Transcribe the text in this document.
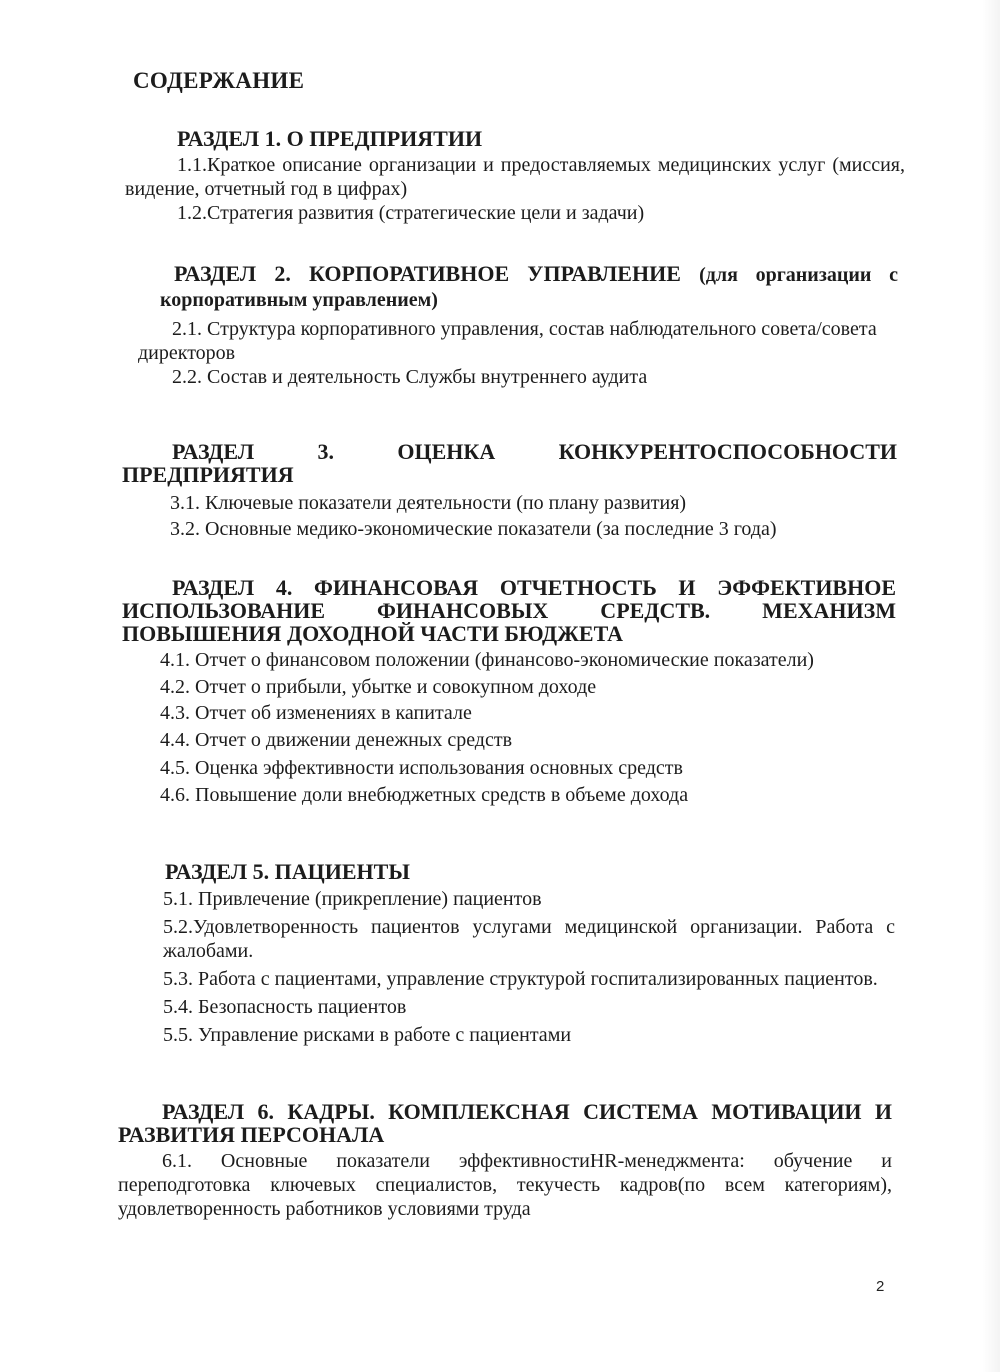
СОДЕРЖАНИЕ
РАЗДЕЛ 1. О ПРЕДПРИЯТИИ

1.1.Краткое описание организации и предоставляемых медицинских услуг (миссия, видение, отчетный год в цифрах)

1.2.Стратегия развития (стратегические цели и задачи)

РАЗДЕЛ 2. КОРПОРАТИВНОЕ УПРАВЛЕНИЕ (для организации с корпоративным управлением)

2.1. Структура корпоративного управления, состав наблюдательного совета/совета

директоров

2.2. Состав и деятельность Службы внутреннего аудита

РАЗДЕЛ 3. ОЦЕНКА КОНКУРЕНТОСПОСОБНОСТИ ПРЕДПРИЯТИЯ

3.1. Ключевые показатели деятельности (по плану развития)

3.2. Основные медико-экономические показатели (за последние 3 года)

РАЗДЕЛ 4. ФИНАНСОВАЯ ОТЧЕТНОСТЬ И ЭФФЕКТИВНОЕ ИСПОЛЬЗОВАНИЕ ФИНАНСОВЫХ СРЕДСТВ. МЕХАНИЗМ ПОВЫШЕНИЯ ДОХОДНОЙ ЧАСТИ БЮДЖЕТА

4.1. Отчет о финансовом положении (финансово-экономические показатели)

4.2. Отчет о прибыли, убытке и совокупном доходе

4.3. Отчет об изменениях в капитале

4.4. Отчет о движении денежных средств

4.5. Оценка эффективности использования основных средств

4.6. Повышение доли внебюджетных средств в объеме дохода

РАЗДЕЛ 5. ПАЦИЕНТЫ

5.1. Привлечение (прикрепление) пациентов

5.2.Удовлетворенность пациентов услугами медицинской организации. Работа с жалобами.

5.3. Работа с пациентами, управление структурой госпитализированных пациентов.

5.4. Безопасность пациентов

5.5. Управление рисками в работе с пациентами

РАЗДЕЛ 6. КАДРЫ. КОМПЛЕКСНАЯ СИСТЕМА МОТИВАЦИИ И РАЗВИТИЯ ПЕРСОНАЛА

6.1. Основные показатели эффективностиHR-менеджмента: обучение и переподготовка ключевых специалистов, текучесть кадров(по всем категориям), удовлетворенность работников условиями труда

2
